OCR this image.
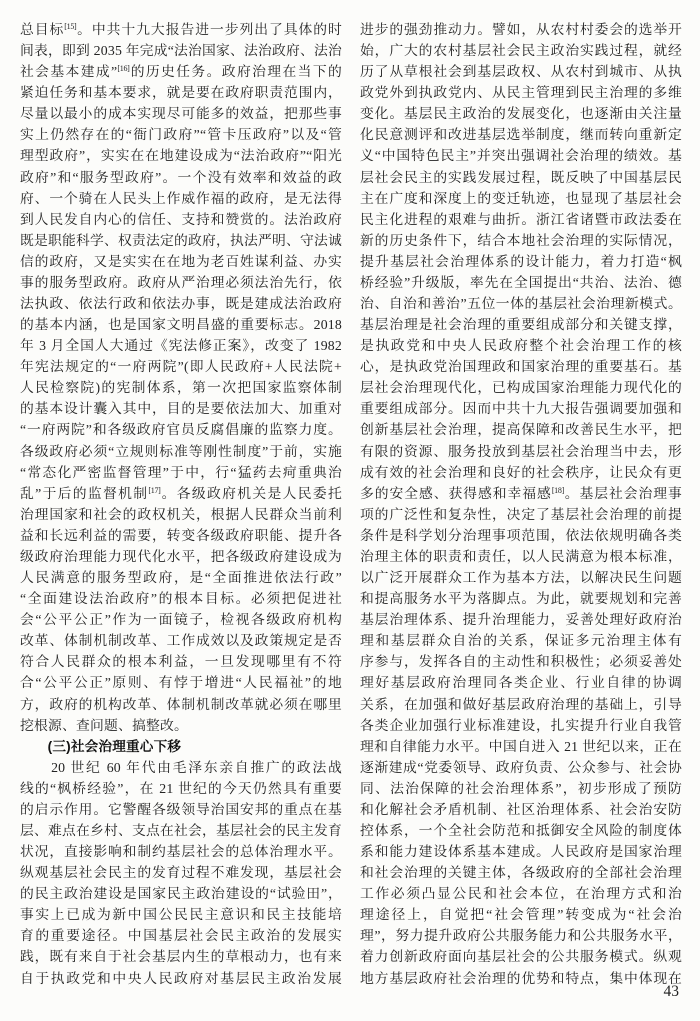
总目标[15]。中共十九大报告进一步列出了具体的时
间表，即到 2035 年完成“法治国家、法治政府、法治
社会基本建成”[16]的历史任务。政府治理在当下的
紧迫任务和基本要求，就是要在政府职责范围内，
尽量以最小的成本实现尽可能多的效益，把那些事
实上仍然存在的“衙门政府”“管卡压政府”以及“管
理型政府”，实实在在地建设成为“法治政府”“阳光
政府”和“服务型政府”。一个没有效率和效益的政
府、一个骑在人民头上作威作福的政府，是无法得
到人民发自内心的信任、支持和赞赏的。法治政府
既是职能科学、权责法定的政府，执法严明、守法诚
信的政府，又是实实在在地为老百姓谋利益、办实
事的服务型政府。政府从严治理必须法治先行，依
法执政、依法行政和依法办事，既是建成法治政府
的基本内涵，也是国家文明昌盛的重要标志。2018
年 3 月全国人大通过《宪法修正案》，改变了 1982
年宪法规定的“一府两院”(即人民政府+人民法院+
人民检察院)的宪制体系，第一次把国家监察体制
的基本设计囊入其中，目的是要依法加大、加重对
“一府两院”和各级政府官员反腐倡廉的监察力度。
各级政府必须“立规则标准等刚性制度”于前，实施
“常态化严密监督管理”于中，行“猛药去疴重典治
乱”于后的监督机制[17]。各级政府机关是人民委托
治理国家和社会的政权机关，根据人民群众当前利
益和长远利益的需要，转变各级政府职能、提升各
级政府治理能力现代化水平，把各级政府建设成为
人民满意的服务型政府，是“全面推进依法行政”
“全面建设法治政府”的根本目标。必须把促进社
会“公平公正”作为一面镜子，检视各级政府机构
改革、体制机制改革、工作成效以及政策规定是否
符合人民群众的根本利益，一旦发现哪里有不符
合“公平公正”原则、有悖于增进“人民福祉”的地
方，政府的机构改革、体制机制改革就必须在哪里
挖根源、查问题、搞整改。
　　(三)社会治理重心下移
　　20 世纪 60 年代由毛泽东亲自推广的政法战
线的“枫桥经验”，在 21 世纪的今天仍然具有重要
的启示作用。它警醒各级领导治国安邦的重点在基
层、难点在乡村、支点在社会，基层社会的民主发育
状况，直接影响和制约基层社会的总体治理水平。
纵观基层社会民主的发育过程不难发现，基层社会
的民主政治建设是国家民主政治建设的“试验田”，
事实上已成为新中国公民民主意识和民主技能培
育的重要途径。中国基层社会民主政治的发展实
践，既有来自于社会基层内生的草根动力，也有来
自于执政党和中央人民政府对基层民主政治发展
进步的强劲推动力。譬如，从农村村委会的选举开
始，广大的农村基层社会民主政治实践过程，就经
历了从草根社会到基层政权、从农村到城市、从执
政党外到执政党内、从民主管理到民主治理的多维
变化。基层民主政治的发展变化，也逐渐由关注量
化民意测评和改进基层选举制度，继而转向重新定
义“中国特色民主”并突出强调社会治理的绩效。基
层社会民主的实践发展过程，既反映了中国基层民
主在广度和深度上的变迁轨迹，也显现了基层社会
民主化进程的艰难与曲折。浙江省诸暨市政法委在
新的历史条件下，结合本地社会治理的实际情况，
提升基层社会治理体系的设计能力，着力打造“枫
桥经验”升级版，率先在全国提出“共治、法治、德
治、自治和善治”五位一体的基层社会治理新模式。
基层治理是社会治理的重要组成部分和关键支撑，
是执政党和中央人民政府整个社会治理工作的核
心，是执政党治国理政和国家治理的重要基石。基
层社会治理现代化，已构成国家治理能力现代化的
重要组成部分。因而中共十九大报告强调要加强和
创新基层社会治理，提高保障和改善民生水平，把
有限的资源、服务投放到基层社会治理当中去，形
成有效的社会治理和良好的社会秩序，让民众有更
多的安全感、获得感和幸福感[18]。基层社会治理事
项的广泛性和复杂性，决定了基层社会治理的前提
条件是科学划分治理事项范围，依法依规明确各类
治理主体的职责和责任，以人民满意为根本标准，
以广泛开展群众工作为基本方法，以解决民生问题
和提高服务水平为落脚点。为此，就要规划和完善
基层治理体系、提升治理能力，妥善处理好政府治
理和基层群众自治的关系，保证多元治理主体有
序参与，发挥各自的主动性和积极性；必须妥善处
理好基层政府治理同各类企业、行业自律的协调
关系，在加强和做好基层政府治理的基础上，引导
各类企业加强行业标准建设，扎实提升行业自我管
理和自律能力水平。中国自进入 21 世纪以来，正在
逐渐建成“党委领导、政府负责、公众参与、社会协
同、法治保障的社会治理体系”，初步形成了预防
和化解社会矛盾机制、社区治理体系、社会治安防
控体系，一个全社会防范和抵御安全风险的制度体
系和能力建设体系基本建成。人民政府是国家治理
和社会治理的关键主体，各级政府的全部社会治理
工作必须凸显公民和社会本位，在治理方式和治
理途径上，自觉把“社会管理”转变成为“社会治
理”，努力提升政府公共服务能力和公共服务水平，
着力创新政府面向基层社会的公共服务模式。纵观
地方基层政府社会治理的优势和特点，集中体现在
43
